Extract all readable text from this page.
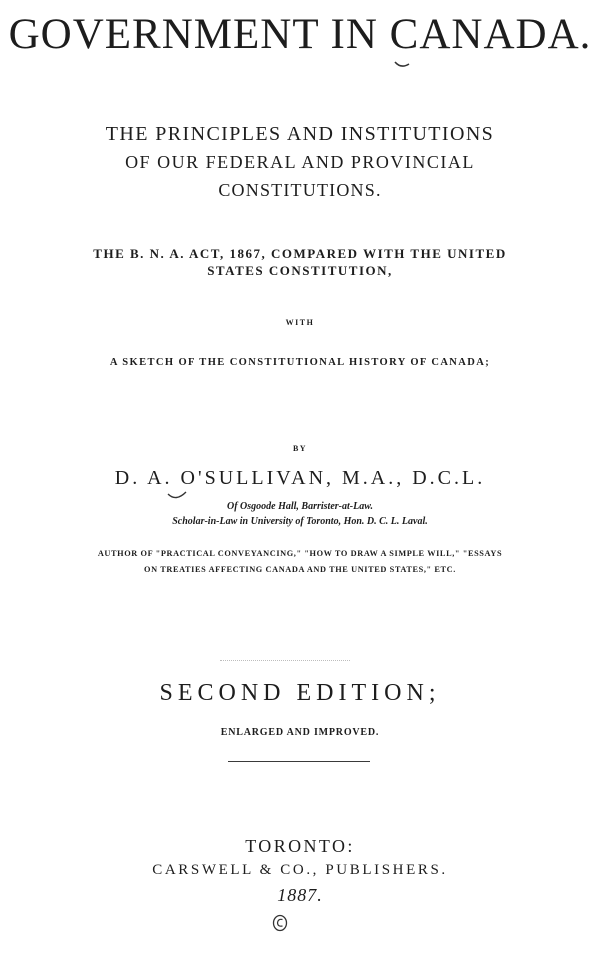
GOVERNMENT IN CANADA.
THE PRINCIPLES AND INSTITUTIONS
OF OUR FEDERAL AND PROVINCIAL
CONSTITUTIONS.
THE B. N. A. ACT, 1867, COMPARED WITH THE UNITED
STATES CONSTITUTION,
WITH
A SKETCH OF THE CONSTITUTIONAL HISTORY OF CANADA;
BY
D. A. O'SULLIVAN, M.A., D.C.L.
Of Osgoode Hall, Barrister-at-Law.
Scholar-in-Law in University of Toronto, Hon. D. C. L. Laval.
AUTHOR OF "PRACTICAL CONVEYANCING," "HOW TO DRAW A SIMPLE WILL," "ESSAYS
ON TREATIES AFFECTING CANADA AND THE UNITED STATES," ETC.
SECOND EDITION;
ENLARGED AND IMPROVED.
TORONTO:
CARSWELL & CO., PUBLISHERS.
1887.
